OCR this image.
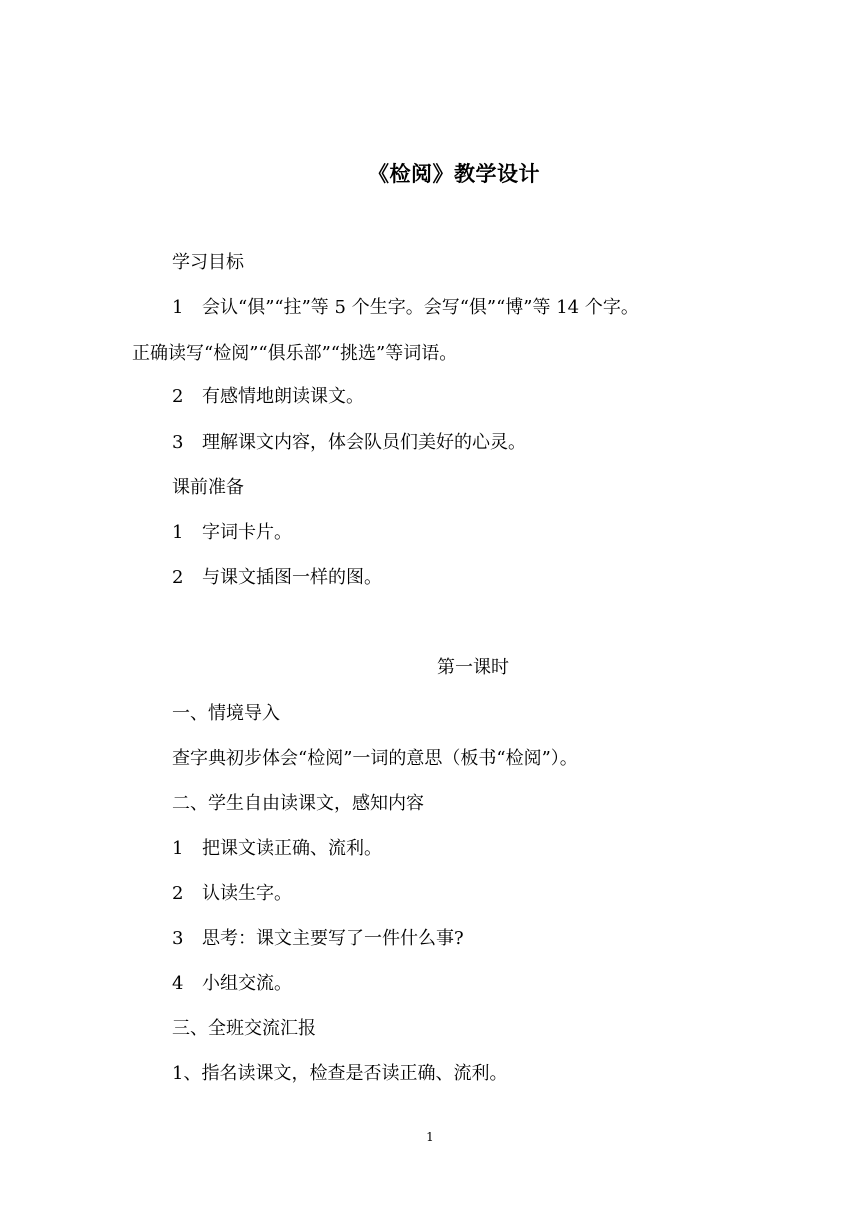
《检阅》教学设计
学习目标
1 会认“俱”“拄”等 5 个生字。会写“俱”“博”等 14 个字。
正确读写“检阅”“俱乐部”“挑选”等词语。
2 有感情地朗读课文。
3 理解课文内容，体会队员们美好的心灵。
课前准备
1 字词卡片。
2 与课文插图一样的图。
第一课时
一、情境导入
查字典初步体会“检阅”一词的意思（板书“检阅”）。
二、学生自由读课文，感知内容
1 把课文读正确、流利。
2 认读生字。
3 思考：课文主要写了一件什么事?
4 小组交流。
三、全班交流汇报
1、指名读课文，检查是否读正确、流利。
1
